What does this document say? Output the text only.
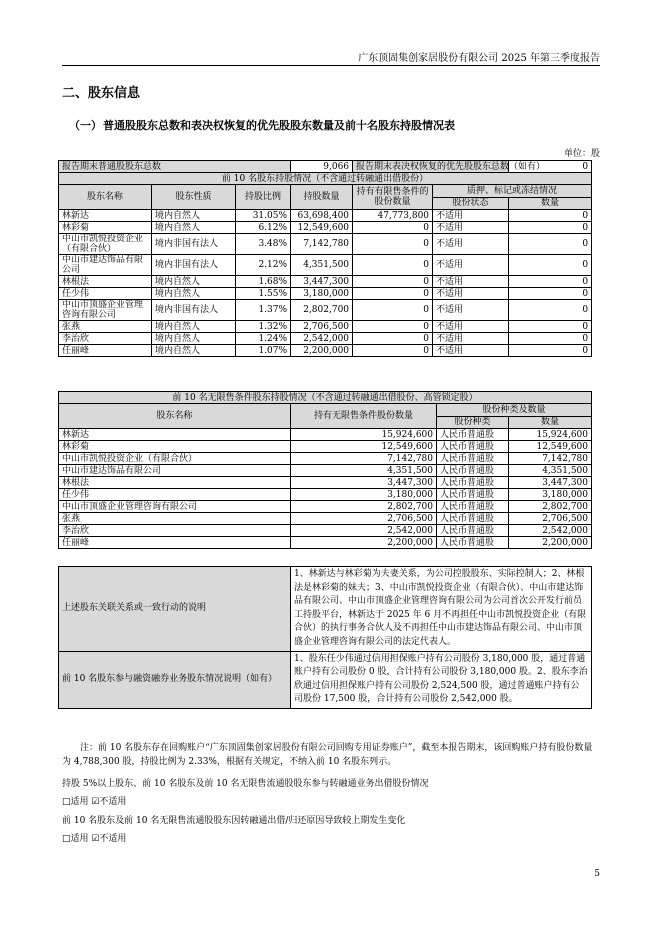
广东顶固集创家居股份有限公司 2025 年第三季度报告
二、股东信息
（一）普通股股东总数和表决权恢复的优先股股东数量及前十名股东持股情况表
单位：股
报告期末普通股股东总数			9,066	报告期末表决权恢复的优先股股东总数（如有）		0
前 10 名股东持股情况（不含通过转融通出借股份）						
股东名称	股东性质	持股比例	持股数量	持有有限售条件的股份数量	质押、标记或冻结情况	
					股份状态	数量
林新达	境内自然人	31.05%	63,698,400	47,773,800	不适用	0
林彩菊	境内自然人	6.12%	12,549,600	0	不适用	0
中山市凯悦投资企业（有限合伙）	境内非国有法人	3.48%	7,142,780	0	不适用	0
中山市建达饰品有限公司	境内非国有法人	2.12%	4,351,500	0	不适用	0
林根法	境内自然人	1.68%	3,447,300	0	不适用	0
任少伟	境内自然人	1.55%	3,180,000	0	不适用	0
中山市顶盛企业管理咨询有限公司	境内非国有法人	1.37%	2,802,700	0	不适用	0
张燕	境内自然人	1.32%	2,706,500	0	不适用	0
李治欣	境内自然人	1.24%	2,542,000	0	不适用	0
任丽峰	境内自然人	1.07%	2,200,000	0	不适用	0
前 10 名无限售条件股东持股情况（不含通过转融通出借股份、高管锁定股）			
股东名称	持有无限售条件股份数量	股份种类及数量	
		股份种类	数量
林新达	15,924,600	人民币普通股	15,924,600
林彩菊	12,549,600	人民币普通股	12,549,600
中山市凯悦投资企业（有限合伙）	7,142,780	人民币普通股	7,142,780
中山市建达饰品有限公司	4,351,500	人民币普通股	4,351,500
林根法	3,447,300	人民币普通股	3,447,300
任少伟	3,180,000	人民币普通股	3,180,000
中山市顶盛企业管理咨询有限公司	2,802,700	人民币普通股	2,802,700
张燕	2,706,500	人民币普通股	2,706,500
李治欣	2,542,000	人民币普通股	2,542,000
任丽峰	2,200,000	人民币普通股	2,200,000
上述股东关联关系或一致行动的说明	1、林新达与林彩菊为夫妻关系，为公司控股股东、实际控制人；2、林根法是林彩菊的妹夫；3、中山市凯悦投资企业（有限合伙）、中山市建达饰品有限公司、中山市顶盛企业管理咨询有限公司为公司首次公开发行前员工持股平台，林新达于 2025 年 6 月不再担任中山市凯悦投资企业（有限合伙）的执行事务合伙人及不再担任中山市建达饰品有限公司、中山市顶盛企业管理咨询有限公司的法定代表人。
前 10 名股东参与融资融券业务股东情况说明（如有）	1、股东任少伟通过信用担保账户持有公司股份 3,180,000 股，通过普通账户持有公司股份 0 股，合计持有公司股份 3,180,000 股。2、股东李治欣通过信用担保账户持有公司股份 2,524,500 股，通过普通账户持有公司股份 17,500 股，合计持有公司股份 2,542,000 股。
注：前 10 名股东存在回购账户“广东顶固集创家居股份有限公司回购专用证券账户”，截至本报告期末，该回购账户持有股份数量为 4,788,300 股，持股比例为 2.33%，根据有关规定，不纳入前 10 名股东列示。
持股 5%以上股东、前 10 名股东及前 10 名无限售流通股股东参与转融通业务出借股份情况
□适用 ☑不适用
前 10 名股东及前 10 名无限售流通股股东因转融通出借/归还原因导致较上期发生变化
□适用 ☑不适用
5
